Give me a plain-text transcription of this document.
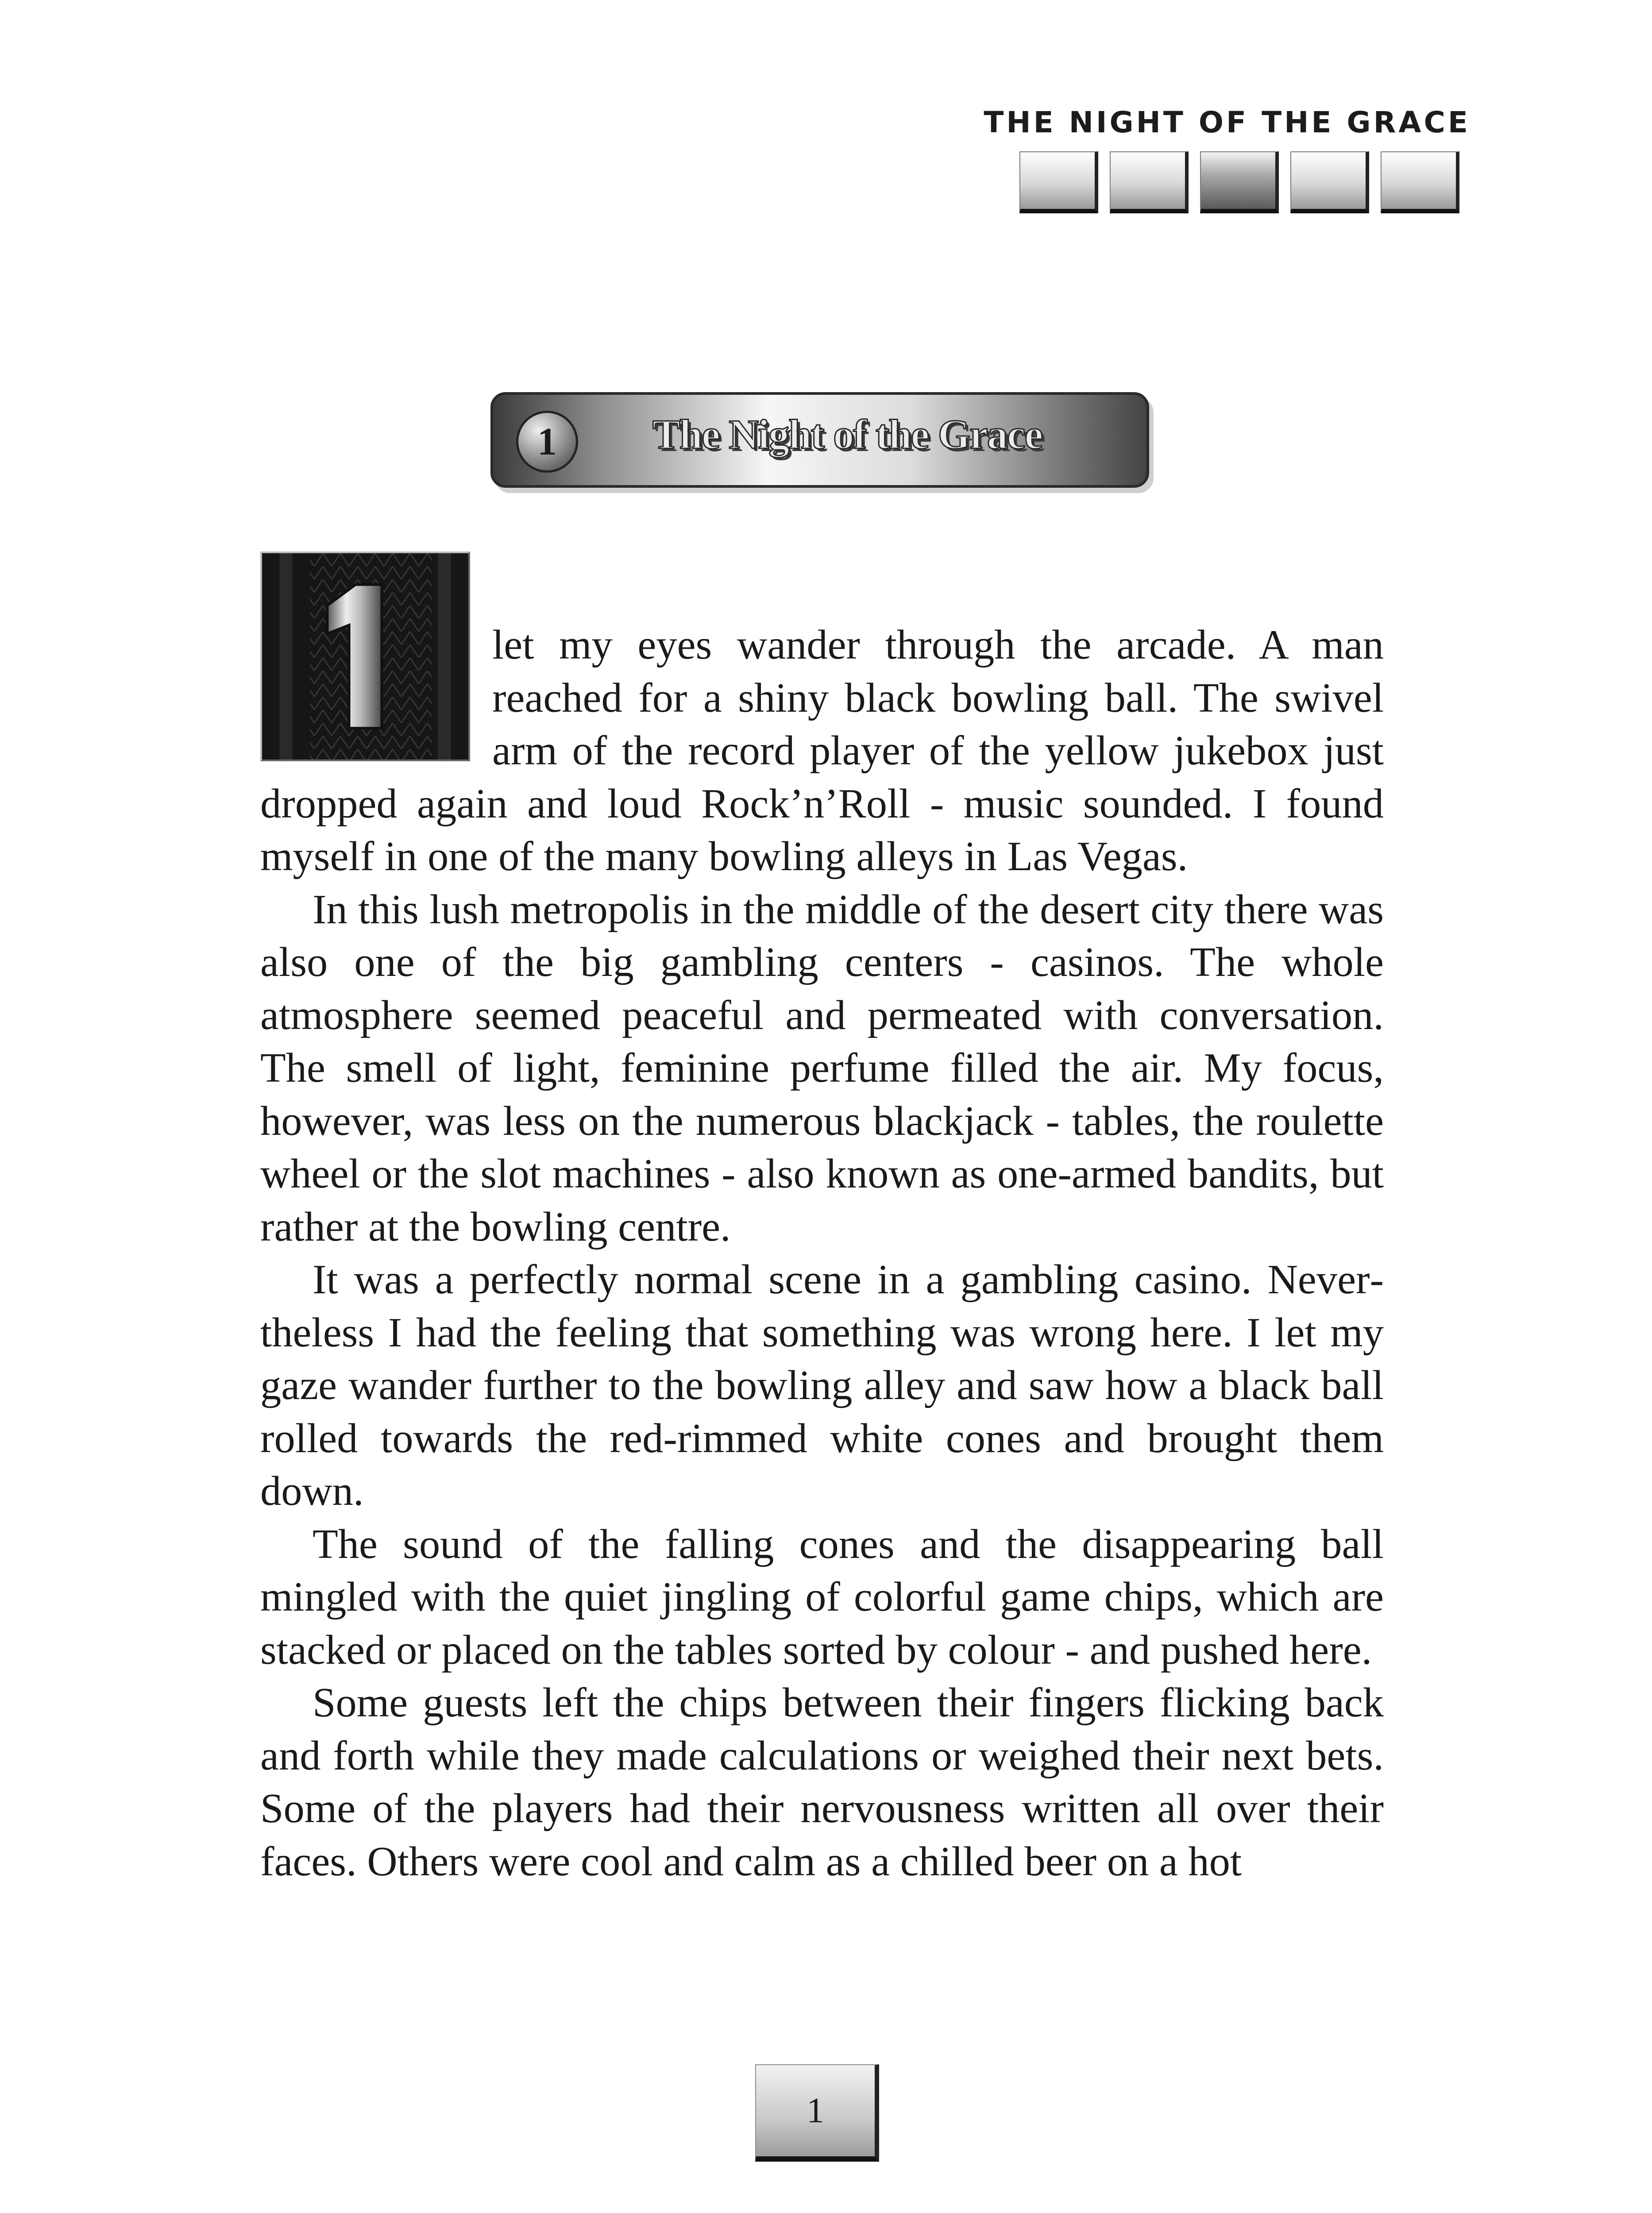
THE NIGHT OF THE GRACE
1	The Night of the Grace

let my eyes wander through the arcade. A man reached for a shiny black bowling ball. The swivel arm of the record player of the yellow jukebox just dropped again and loud Rock’n’Roll - music sounded. I found myself in one of the many bowling alleys in Las Vegas.

In this lush metropolis in the middle of the desert city there was also one of the big gambling centers - casinos. The whole atmosphere seemed peaceful and permeated with conversation. The smell of light, feminine perfume filled the air. My focus, however, was less on the numerous blackjack - tables, the roulette wheel or the slot machines - also known as one-armed bandits, but rather at the bowling centre.

It was a perfectly normal scene in a gambling casino. Nevertheless I had the feeling that something was wrong here. I let my gaze wander further to the bowling alley and saw how a black ball rolled towards the red-rimmed white cones and brought them down.

The sound of the falling cones and the disappearing ball mingled with the quiet jingling of colorful game chips, which are stacked or placed on the tables sorted by colour - and pushed here.

Some guests left the chips between their fingers flicking back and forth while they made calculations or weighed their next bets. Some of the players had their nervousness written all over their faces. Others were cool and calm as a chilled beer on a hot

1
